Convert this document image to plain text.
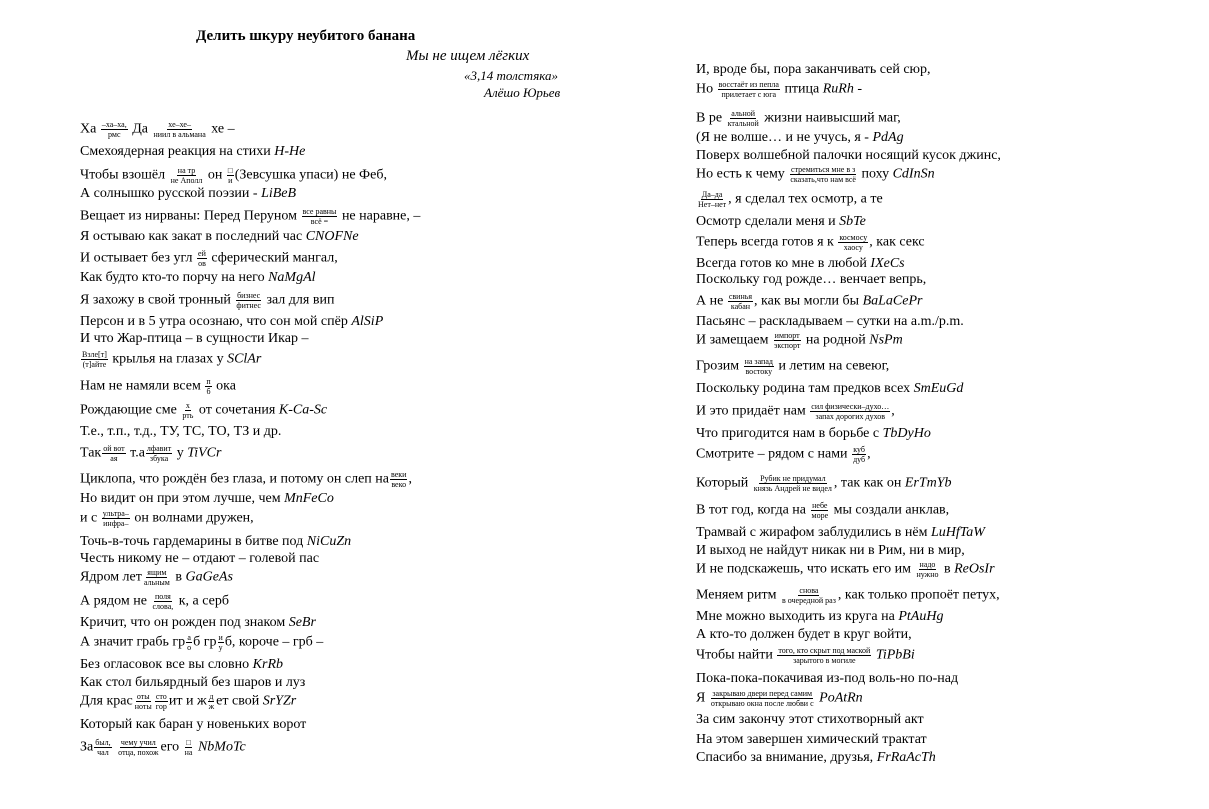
Делить шкуру неубитого банана
Мы не ищем лёгких
«3,14 толстяка»
Алёшо Юрьев
Ха –ха–ха,
рмс Да хе–хе–
ниил в альмана хе –
Смехоядерная реакция на стихи H-He
Чтобы взошёл на тр
не Аполл он □
и (Зевсушка упаси) не Феб,
А солнышко русской поэзии - LiBeB
Вещает из нирваны: Перед Перуном все равны
всё = не наравне, –
Я остываю как закат в последний час CNOFNe
И остывает без угл ей
ов сферический мангал,
Как будто кто-то порчу на него NaMgAl
Я захожу в свой тронный бизнес
фитнес зал для вип
Персон и в 5 утра осознаю, что сон мой спёр AlSiP
И что Жар-птица – в сущности Икар –
Взле[т]
(т]айте крылья на глазах у SClAr
Нам не намяли всем п
б ока
Рождающие сме х
рть от сочетания K-Ca-Sc
Т.е., т.п., т.д., ТУ, ТС, ТО, ТЗ и др.
Так ой вот
ая т.а лфавит
збука у TiVCr
Циклопа, что рождён без глаза, и потому он слеп на веки
веко ,
Но видит он при этом лучше, чем MnFeCo
и с ультра–
инфра– он волнами дружен,
Точь-в-точь гардемарины в битве под NiCuZn
Честь никому не – отдают – голевой пас
Ядром лет ящим
альным в GaGeAs
А рядом не поля
слова, к, а серб
Кричит, что он рожден под знаком SeBr
А значит грабь гр а
о б гр и
у б, короче – грб –
Без огласовок все вы словно KrRb
Как стол бильярдный без шаров и луз
Для крас оты
ноты
сто
гор ит и ж д
ж ет свой SrYZr
Который как баран у новеньких ворот
За был,
чал

чему учил
отца, похож его □
на NbMoTc
И, вроде бы, пора заканчивать сей сюр,
Но восстаёт из пепла
прилетает с юга птица RuRh -
В ре альной
ктальной жизни наивысший маг,
(Я не волше… и не учусь, я - PdAg
Поверх волшебной палочки носящий кусок джинс,
Но есть к чему стремиться мне в з
сказать,что нам всё поху CdInSn
Да–да
Нет–нет , я сделал тех осмотр, а те
Осмотр сделали меня и SbTe
Теперь всегда готов я к космосу
хаосу , как секс
Всегда готов ко мне в любой IXeCs
Поскольку год рожде… венчает вепрь,
А не свинья
кабан , как вы могли бы BaLaCePr
Пасьянс – раскладываем – сутки на a.m./p.m.
И замещаем импорт
экспорт на родной NsPm
Грозим на запад
востоку и летим на севеюг,
Поскольку родина там предков всех SmEuGd
И это придаёт нам сил физически–духо…
запах дорогих духов ,
Что пригодится нам в борьбе с TbDyHo
Смотрите – рядом с нами куб
дуб ,
Который Рубик не придумал
князь Андрей не видел , так как он ErTmYb
В тот год, когда на небе
море мы создали анклав,
Трамвай с жирафом заблудились в нём LuHfTaW
И выход не найдут никак ни в Рим, ни в мир,
И не подскажешь, что искать его им надо
нужно в ReOsIr
Меняем ритм снова
в очередной раз , как только пропоёт петух,
Мне можно выходить из круга на PtAuHg
А кто-то должен будет в круг войти,
Чтобы найти того, кто скрыт под маской
зарытого в могиле TiPbBi
Пока-пока-покачивая из-под воль-но по-над
Я закрываю двери перед самим
открываю окна после любви с PoAtRn
За сим закончу этот стихотворный акт
На этом завершен химический трактат
Спасибо за внимание, друзья, FrRaAcTh
